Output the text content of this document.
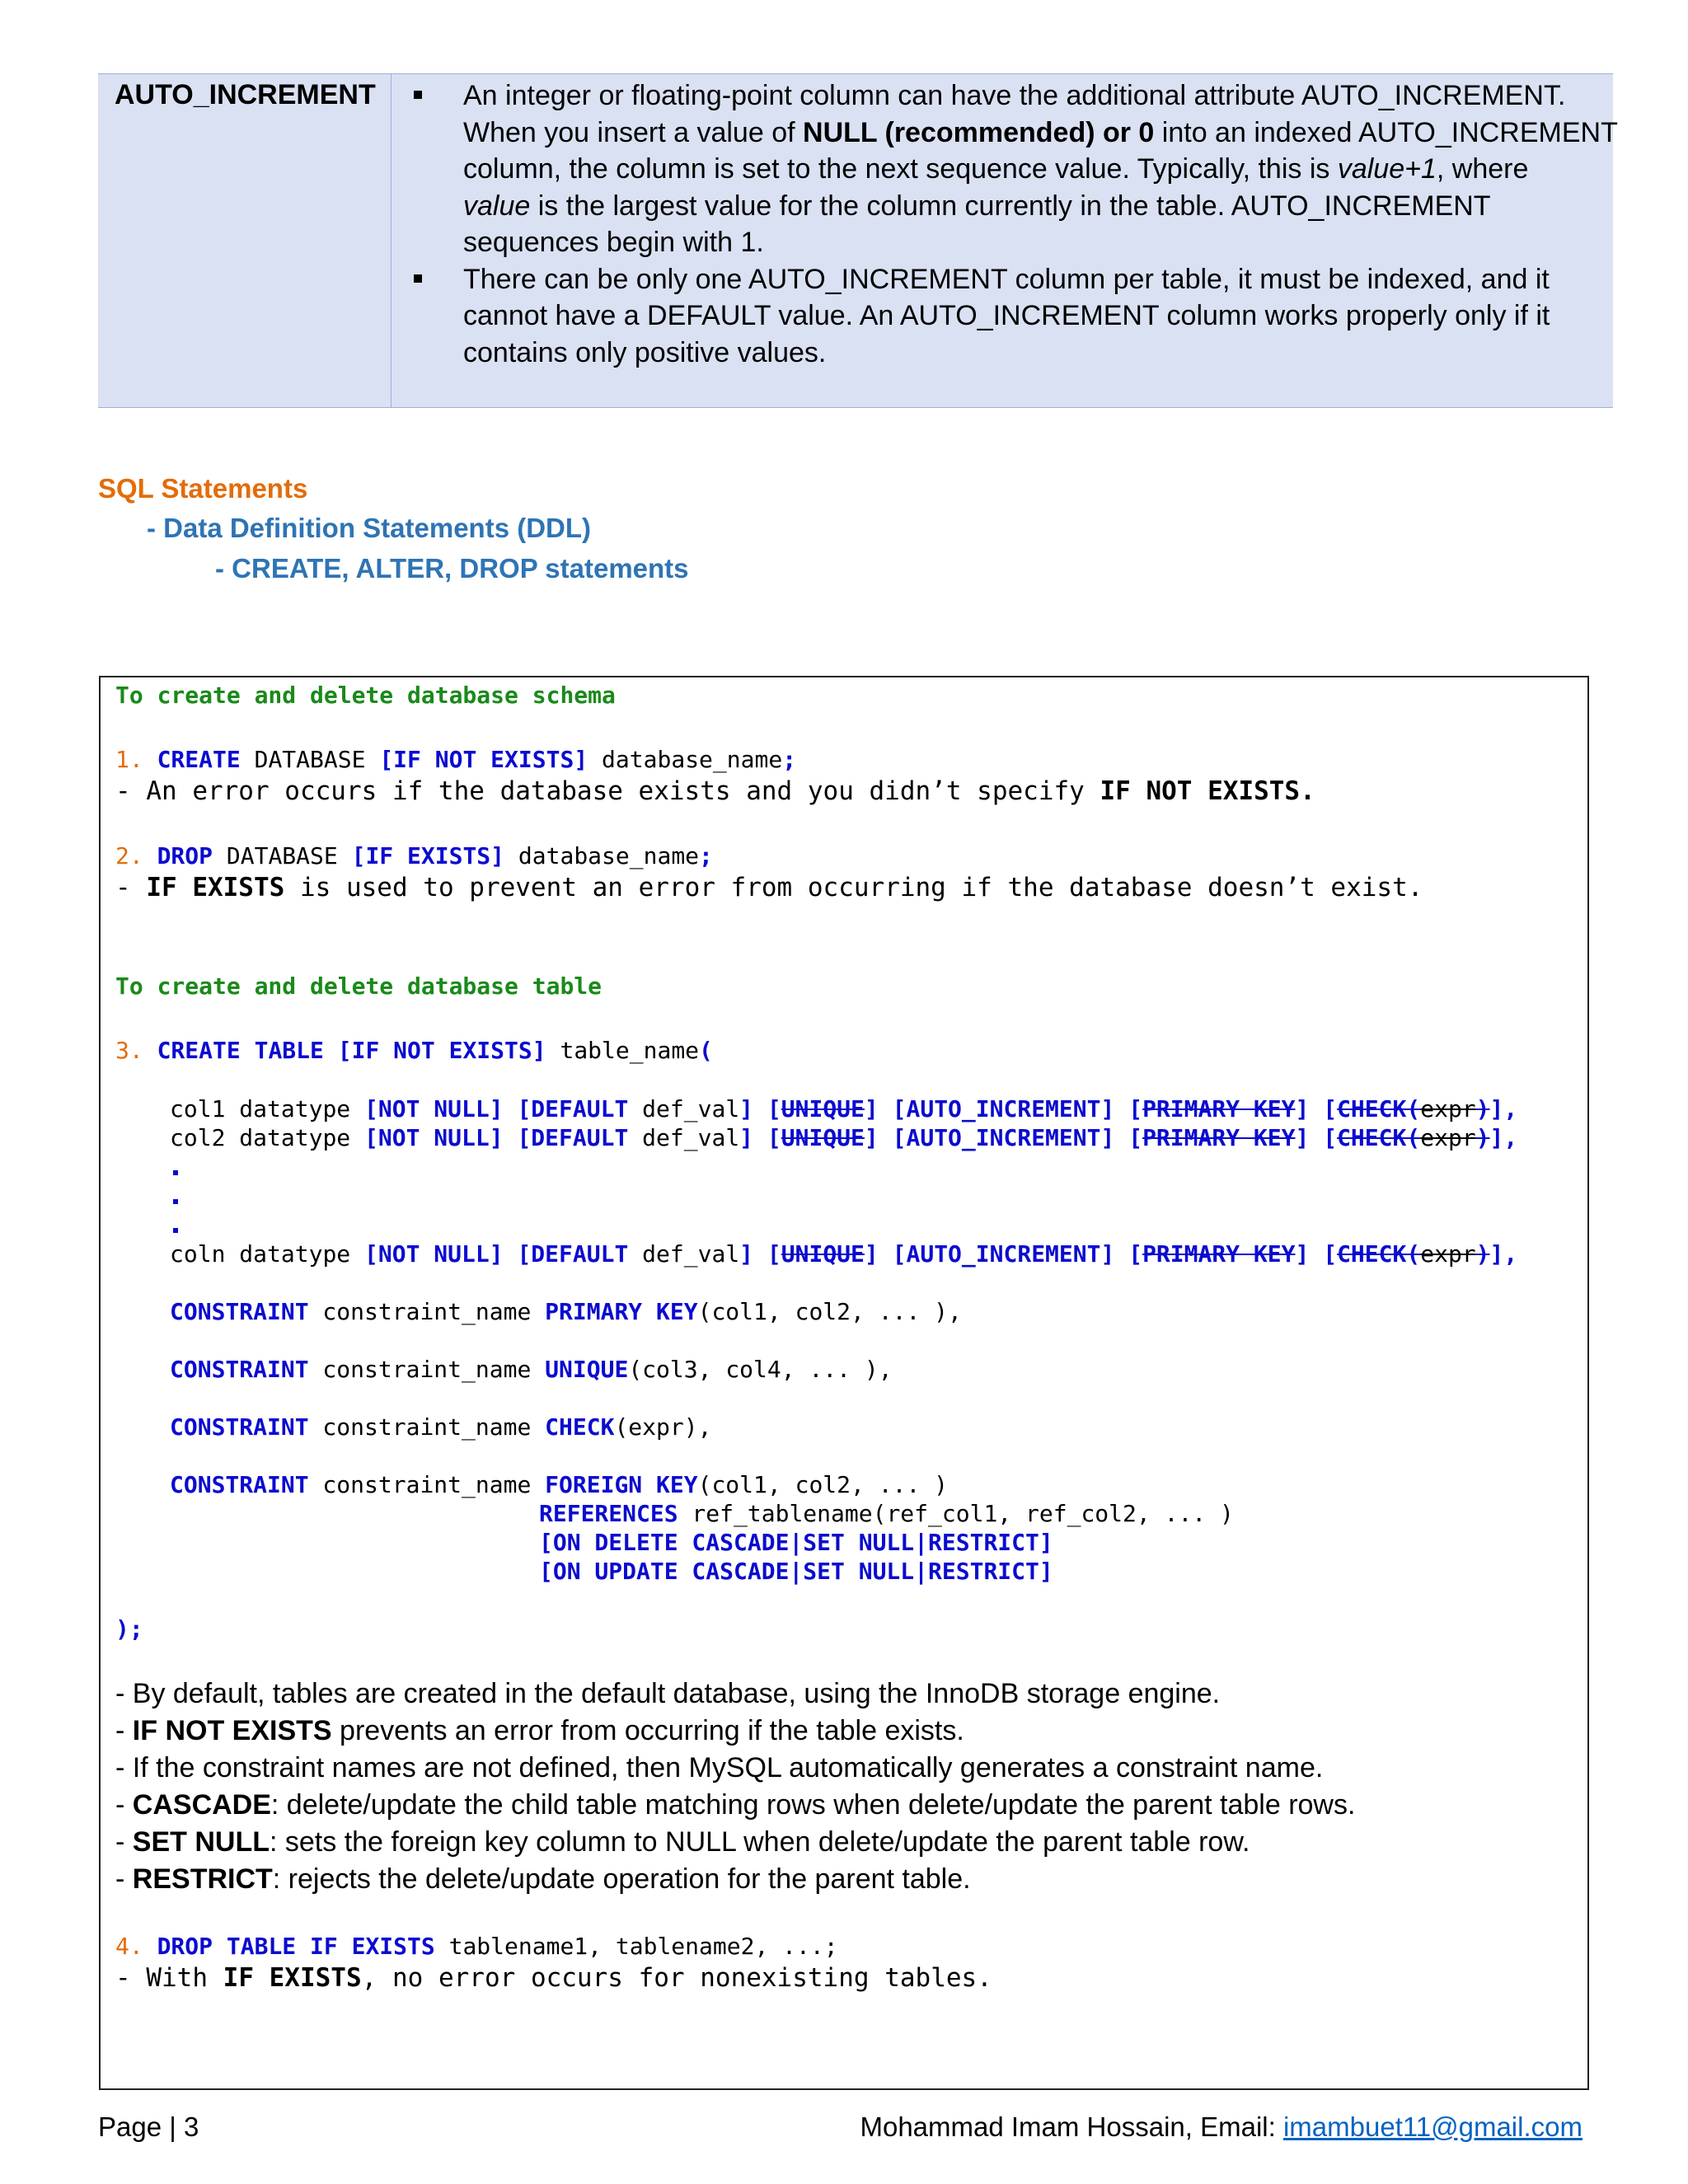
AUTO_INCREMENT	An integer or floating-point column can have the additional attribute AUTO_INCREMENT.
When you insert a value of NULL (recommended) or 0 into an indexed AUTO_INCREMENT
column, the column is set to the next sequence value. Typically, this is value+1, where
value is the largest value for the column currently in the table. AUTO_INCREMENT
sequences begin with 1.
There can be only one AUTO_INCREMENT column per table, it must be indexed, and it
cannot have a DEFAULT value. An AUTO_INCREMENT column works properly only if it
contains only positive values.
SQL Statements
- Data Definition Statements (DDL)
- CREATE, ALTER, DROP statements
To create and delete database schema
1. CREATE DATABASE [IF NOT EXISTS] database_name;
- An error occurs if the database exists and you didn’t specify IF NOT EXISTS.
2. DROP DATABASE [IF EXISTS] database_name;
- IF EXISTS is used to prevent an error from occurring if the database doesn’t exist.
To create and delete database table
3. CREATE TABLE [IF NOT EXISTS] table_name(
col1 datatype [NOT NULL] [DEFAULT def_val] [UNIQUE] [AUTO_INCREMENT] [PRIMARY KEY] [CHECK(expr)],
col2 datatype [NOT NULL] [DEFAULT def_val] [UNIQUE] [AUTO_INCREMENT] [PRIMARY KEY] [CHECK(expr)],
coln datatype [NOT NULL] [DEFAULT def_val] [UNIQUE] [AUTO_INCREMENT] [PRIMARY KEY] [CHECK(expr)],
CONSTRAINT constraint_name PRIMARY KEY(col1, col2, ... ),
CONSTRAINT constraint_name UNIQUE(col3, col4, ... ),
CONSTRAINT constraint_name CHECK(expr),
CONSTRAINT constraint_name FOREIGN KEY(col1, col2, ... )
REFERENCES ref_tablename(ref_col1, ref_col2, ... )
[ON DELETE CASCADE|SET NULL|RESTRICT]
[ON UPDATE CASCADE|SET NULL|RESTRICT]
);
- By default, tables are created in the default database, using the InnoDB storage engine.
- IF NOT EXISTS prevents an error from occurring if the table exists.
- If the constraint names are not defined, then MySQL automatically generates a constraint name.
- CASCADE: delete/update the child table matching rows when delete/update the parent table rows.
- SET NULL: sets the foreign key column to NULL when delete/update the parent table row.
- RESTRICT: rejects the delete/update operation for the parent table.
4. DROP TABLE IF EXISTS tablename1, tablename2, ...;
- With IF EXISTS, no error occurs for nonexisting tables.
Page | 3	Mohammad Imam Hossain, Email: imambuet11@gmail.com
